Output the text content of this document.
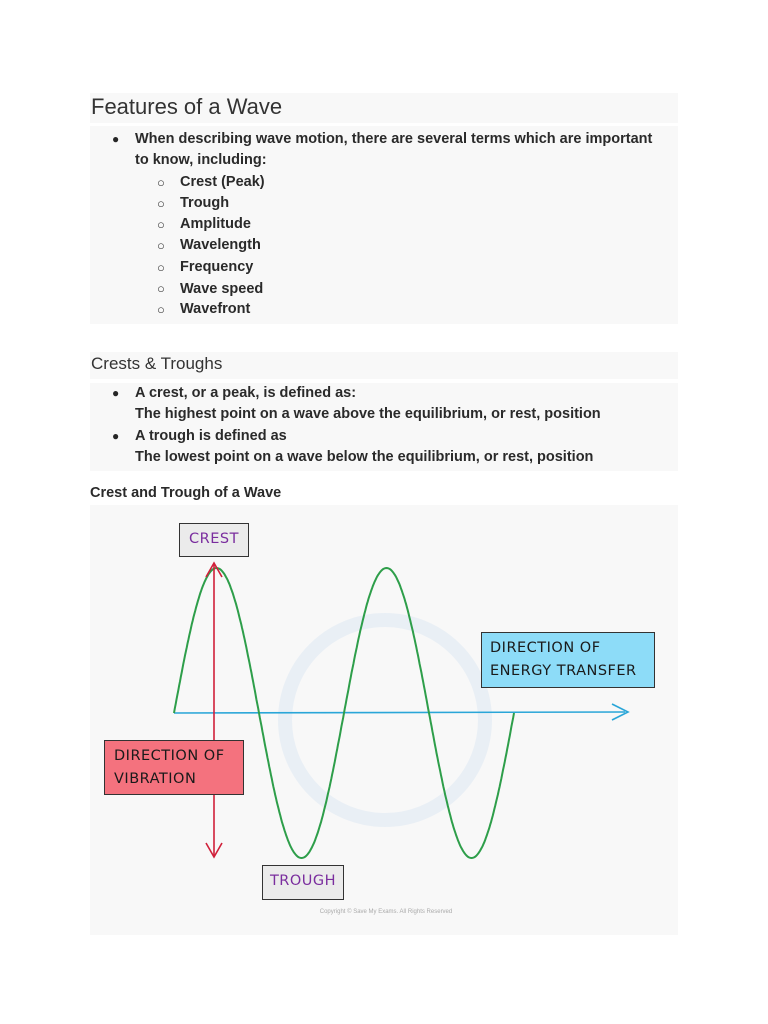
Features of a Wave
● When describing wave motion, there are several terms which are important
to know, including:
○ Crest (Peak)
○ Trough
○ Amplitude
○ Wavelength
○ Frequency
○ Wave speed
○ Wavefront
Crests & Troughs
● A crest, or a peak, is defined as:
The highest point on a wave above the equilibrium, or rest, position
● A trough is defined as
The lowest point on a wave below the equilibrium, or rest, position
Crest and Trough of a Wave
Copyright © Save My Exams. All Rights Reserved
CREST
TROUGH
DIRECTION OF
ENERGY TRANSFER
DIRECTION OF
VIBRATION
